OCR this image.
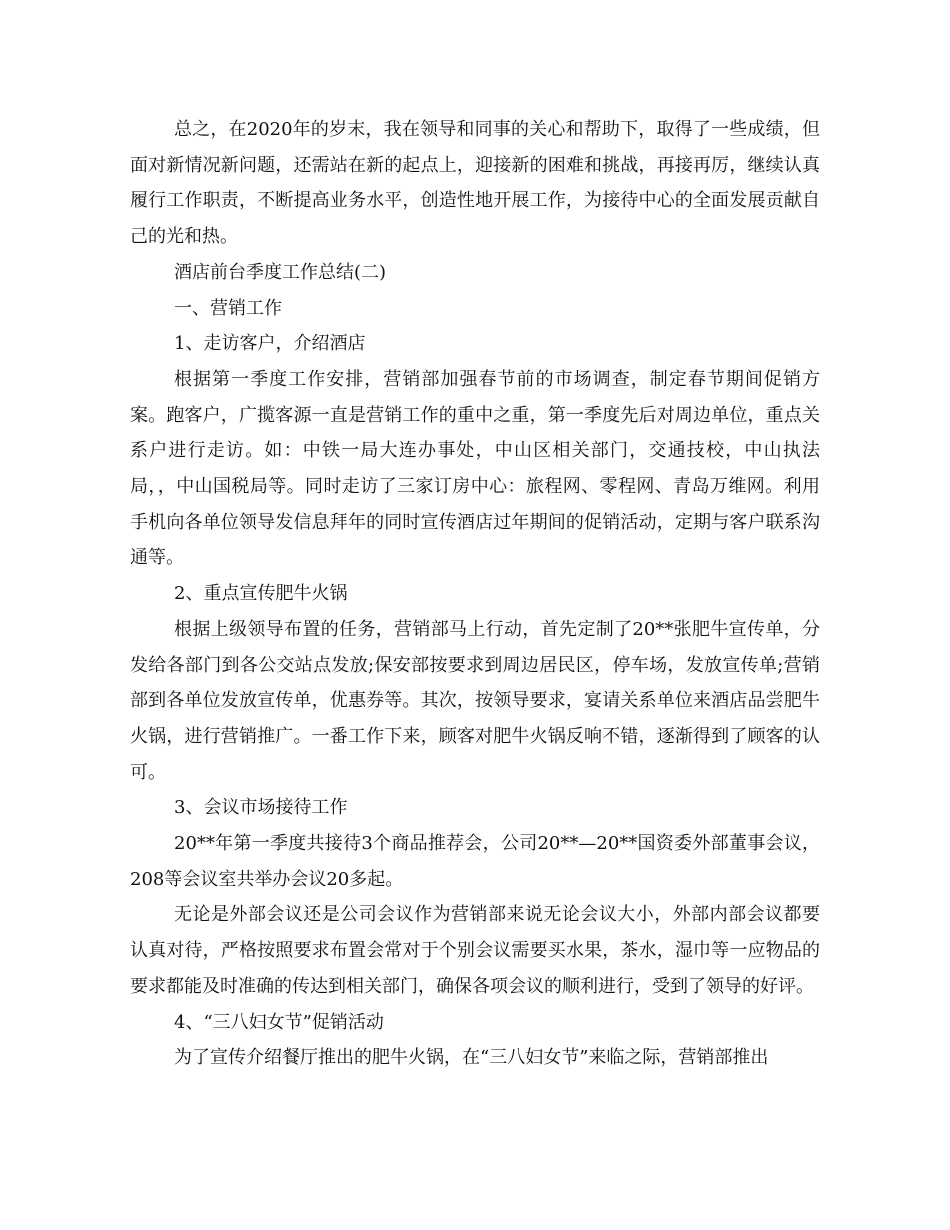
总之，在2020年的岁末，我在领导和同事的关心和帮助下，取得了一些成绩，但面对新情况新问题，还需站在新的起点上，迎接新的困难和挑战，再接再厉，继续认真履行工作职责，不断提高业务水平，创造性地开展工作，为接待中心的全面发展贡献自己的光和热。

酒店前台季度工作总结(二)

一、营销工作

1、走访客户，介绍酒店

根据第一季度工作安排，营销部加强春节前的市场调查，制定春节期间促销方案。跑客户，广揽客源一直是营销工作的重中之重，第一季度先后对周边单位，重点关系户进行走访。如：中铁一局大连办事处，中山区相关部门，交通技校，中山执法局，，中山国税局等。同时走访了三家订房中心：旅程网、零程网、青岛万维网。利用手机向各单位领导发信息拜年的同时宣传酒店过年期间的促销活动，定期与客户联系沟通等。

2、重点宣传肥牛火锅

根据上级领导布置的任务，营销部马上行动，首先定制了20**张肥牛宣传单，分发给各部门到各公交站点发放;保安部按要求到周边居民区，停车场，发放宣传单;营销部到各单位发放宣传单，优惠券等。其次，按领导要求，宴请关系单位来酒店品尝肥牛火锅，进行营销推广。一番工作下来，顾客对肥牛火锅反响不错，逐渐得到了顾客的认可。

3、会议市场接待工作

20**年第一季度共接待3个商品推荐会，公司20**—20**国资委外部董事会议，208等会议室共举办会议20多起。

无论是外部会议还是公司会议作为营销部来说无论会议大小，外部内部会议都要认真对待，严格按照要求布置会常对于个别会议需要买水果，茶水，湿巾等一应物品的要求都能及时准确的传达到相关部门，确保各项会议的顺利进行，受到了领导的好评。

4、“三八妇女节”促销活动

为了宣传介绍餐厅推出的肥牛火锅，在“三八妇女节”来临之际，营销部推出
